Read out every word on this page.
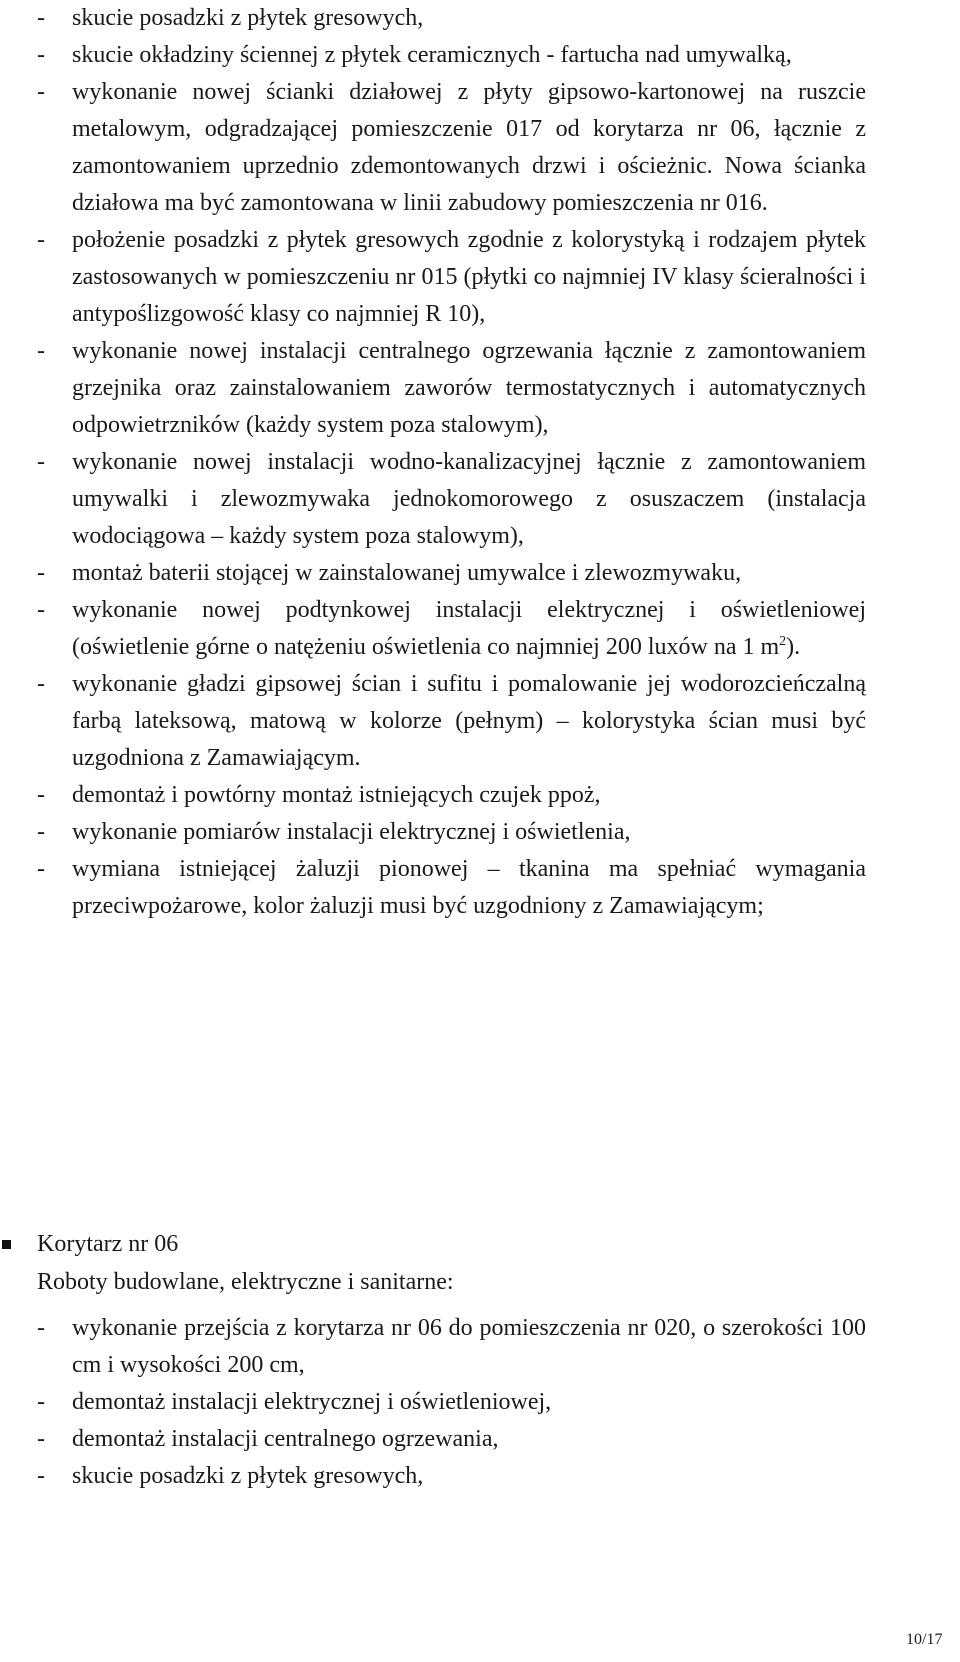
-	skucie posadzki z płytek gresowych,
-	skucie okładziny ściennej z płytek ceramicznych - fartucha nad umywalką,
-	wykonanie nowej ścianki działowej z płyty gipsowo-kartonowej na ruszcie metalowym, odgradzającej pomieszczenie 017 od korytarza nr 06, łącznie z zamontowaniem uprzednio zdemontowanych drzwi i ościeżnic. Nowa ścianka działowa ma być zamontowana w linii zabudowy pomieszczenia nr 016.
-	położenie posadzki z płytek gresowych zgodnie z kolorystyką i rodzajem płytek zastosowanych w pomieszczeniu nr 015 (płytki co najmniej IV klasy ścieralności i antypoślizgowość klasy co najmniej R 10),
-	wykonanie nowej instalacji centralnego ogrzewania łącznie z zamontowaniem grzejnika oraz zainstalowaniem zaworów termostatycznych i automatycznych odpowietrzników (każdy system poza stalowym),
-	wykonanie nowej instalacji wodno-kanalizacyjnej łącznie z zamontowaniem umywalki i zlewozmywaka jednokomorowego z osuszaczem (instalacja wodociągowa – każdy system poza stalowym),
-	montaż baterii stojącej w zainstalowanej umywalce i zlewozmywaku,
-	wykonanie nowej podtynkowej instalacji elektrycznej i oświetleniowej (oświetlenie górne o natężeniu oświetlenia co najmniej 200 luxów na 1 $m^2$).
-	wykonanie gładzi gipsowej ścian i sufitu i pomalowanie jej wodorozcieńczalną farbą lateksową, matową w kolorze (pełnym) – kolorystyka ścian musi być uzgodniona z Zamawiającym.
-	demontaż i powtórny montaż istniejących czujek ppoż,
-	wykonanie pomiarów instalacji elektrycznej i oświetlenia,
-	wymiana istniejącej żaluzji pionowej – tkanina ma spełniać wymagania przeciwpożarowe, kolor żaluzji musi być uzgodniony z Zamawiającym;
Korytarz nr 06
Roboty budowlane, elektryczne i sanitarne:
-	wykonanie przejścia z korytarza nr 06 do pomieszczenia nr 020, o szerokości 100 cm i wysokości 200 cm,
-	demontaż instalacji elektrycznej i oświetleniowej,
-	demontaż instalacji centralnego ogrzewania,
-	skucie posadzki z płytek gresowych,
10/17
